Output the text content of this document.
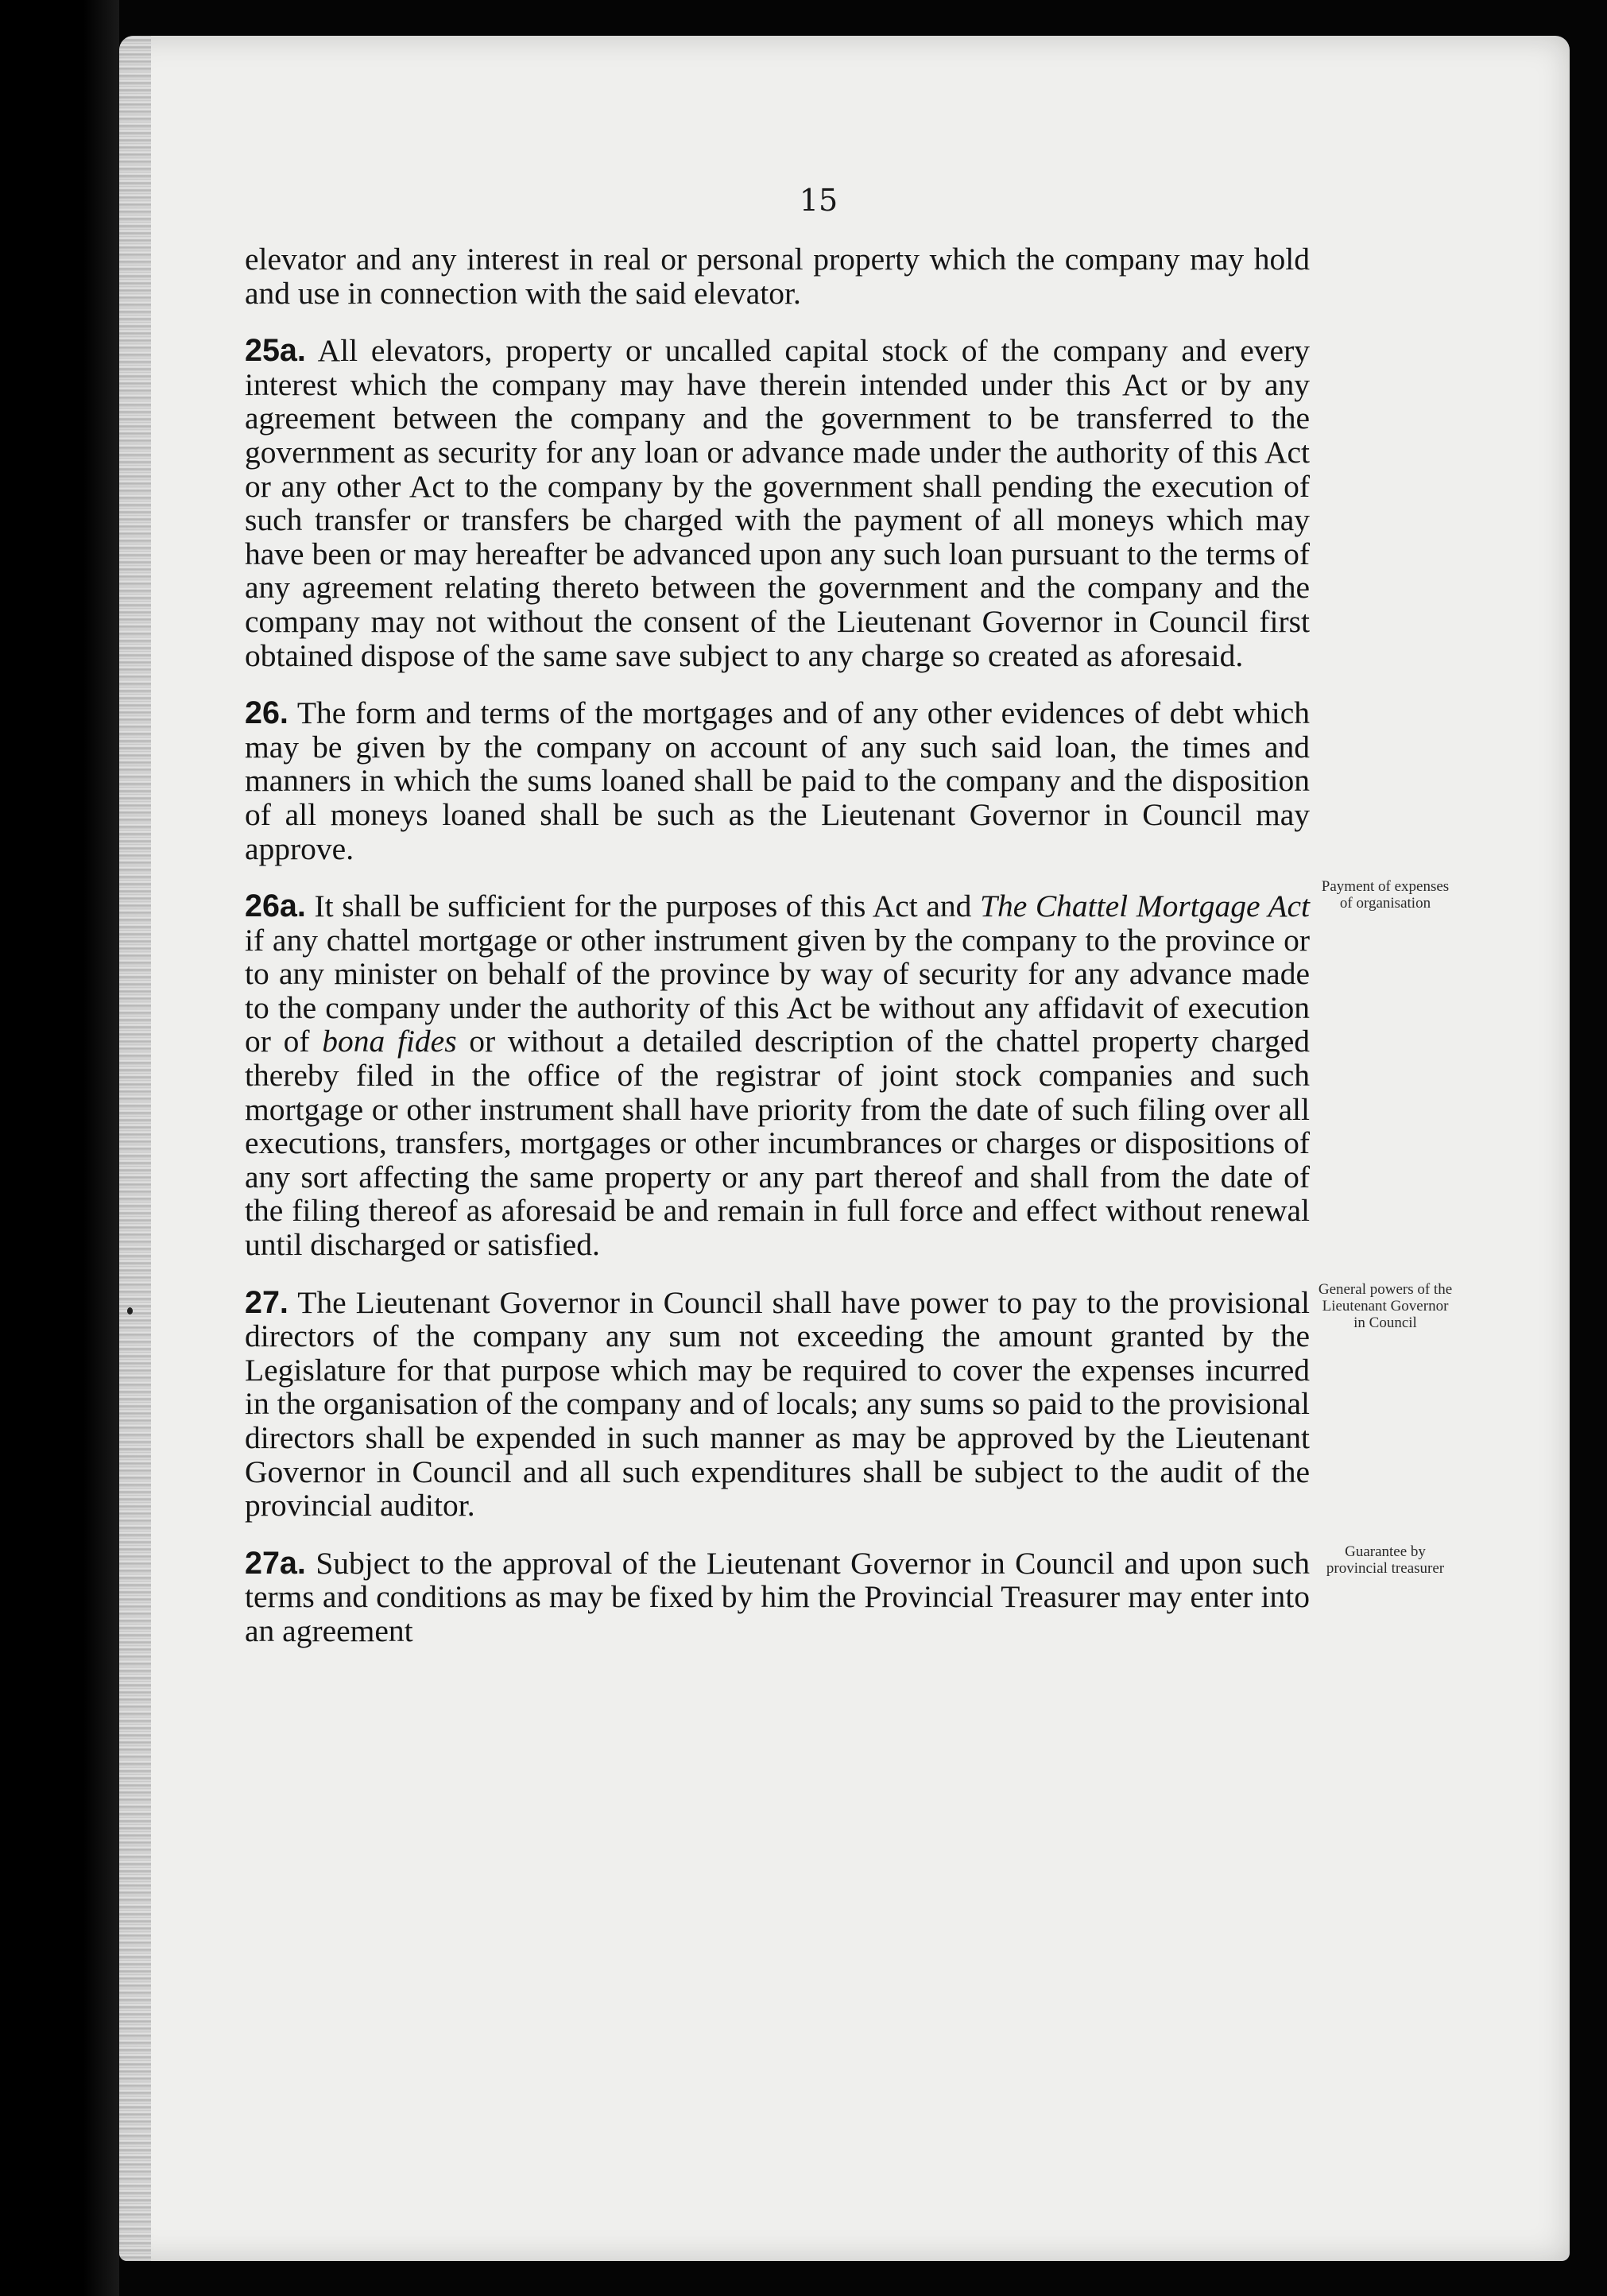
15

elevator and any interest in real or personal property which the company may hold and use in connection with the said elevator.

25a. All elevators, property or uncalled capital stock of the company and every interest which the company may have therein intended under this Act or by any agreement between the company and the government to be transferred to the government as security for any loan or advance made under the authority of this Act or any other Act to the company by the government shall pending the execution of such transfer or transfers be charged with the payment of all moneys which may have been or may hereafter be advanced upon any such loan pursuant to the terms of any agreement relating thereto between the government and the company and the company may not without the consent of the Lieutenant Governor in Council first obtained dispose of the same save subject to any charge so created as aforesaid.

26. The form and terms of the mortgages and of any other evidences of debt which may be given by the company on account of any such said loan, the times and manners in which the sums loaned shall be paid to the company and the disposition of all moneys loaned shall be such as the Lieutenant Governor in Council may approve.

26a. It shall be sufficient for the purposes of this Act and The Chattel Mortgage Act if any chattel mortgage or other instrument given by the company to the province or to any minister on behalf of the province by way of security for any advance made to the company under the authority of this Act be without any affidavit of execution or of bona fides or without a detailed description of the chattel property charged thereby filed in the office of the registrar of joint stock companies and such mortgage or other instrument shall have priority from the date of such filing over all executions, transfers, mortgages or other incumbrances or charges or dispositions of any sort affecting the same property or any part thereof and shall from the date of the filing thereof as aforesaid be and remain in full force and effect without renewal until discharged or satisfied.

Payment of expenses of organisation

27. The Lieutenant Governor in Council shall have power to pay to the provisional directors of the company any sum not exceeding the amount granted by the Legislature for that purpose which may be required to cover the expenses incurred in the organisation of the company and of locals; any sums so paid to the provisional directors shall be expended in such manner as may be approved by the Lieutenant Governor in Council and all such expenditures shall be subject to the audit of the provincial auditor.

General powers of the Lieutenant Governor in Council

27a. Subject to the approval of the Lieutenant Governor in Council and upon such terms and conditions as may be fixed by him the Provincial Treasurer may enter into an agreement

Guarantee by provincial treasurer
